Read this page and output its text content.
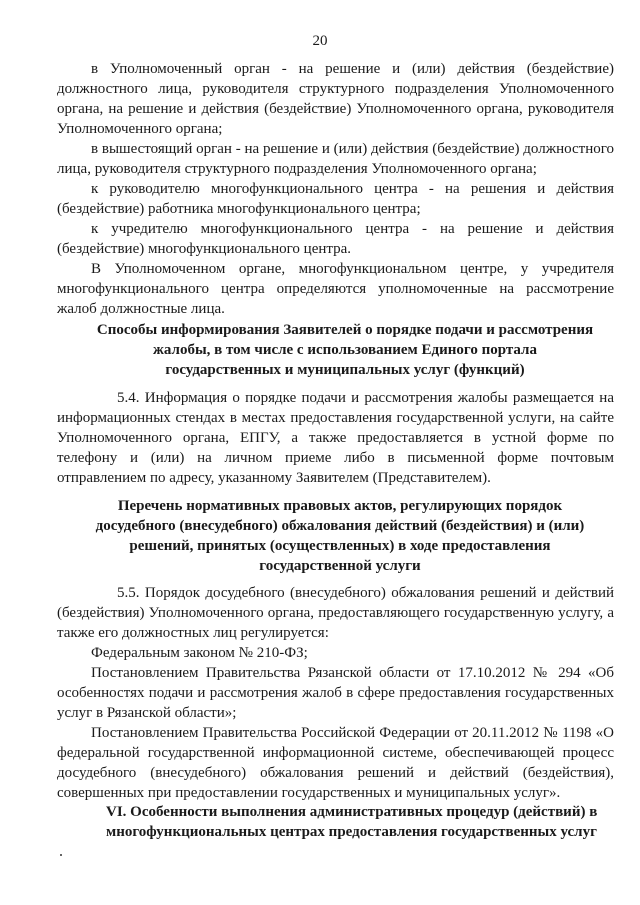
20

в Уполномоченный орган - на решение и (или) действия (бездействие) должностного лица, руководителя структурного подразделения Уполномоченного органа, на решение и действия (бездействие) Уполномоченного органа, руководителя Уполномоченного органа;

в вышестоящий орган - на решение и (или) действия (бездействие) должностного лица, руководителя структурного подразделения Уполномоченного органа;

к руководителю многофункционального центра - на решения и действия (бездействие) работника многофункционального центра;

к учредителю многофункционального центра - на решение и действия (бездействие) многофункционального центра.

В Уполномоченном органе, многофункциональном центре, у учредителя многофункционального центра определяются уполномоченные на рассмотрение жалоб должностные лица.

Способы информирования Заявителей о порядке подачи и рассмотрения жалобы, в том числе с использованием Единого портала государственных и муниципальных услуг (функций)

5.4. Информация о порядке подачи и рассмотрения жалобы размещается на информационных стендах в местах предоставления государственной услуги, на сайте Уполномоченного органа, ЕПГУ, а также предоставляется в устной форме по телефону и (или) на личном приеме либо в письменной форме почтовым отправлением по адресу, указанному Заявителем (Представителем).

Перечень нормативных правовых актов, регулирующих порядок досудебного (внесудебного) обжалования действий (бездействия) и (или) решений, принятых (осуществленных) в ходе предоставления государственной услуги

5.5. Порядок досудебного (внесудебного) обжалования решений и действий (бездействия) Уполномоченного органа, предоставляющего государственную услугу, а также его должностных лиц регулируется:

Федеральным законом № 210-ФЗ;

Постановлением Правительства Рязанской области от 17.10.2012 № 294 «Об особенностях подачи и рассмотрения жалоб в сфере предоставления государственных услуг в Рязанской области»;

Постановлением Правительства Российской Федерации от 20.11.2012 № 1198 «О федеральной государственной информационной системе, обеспечивающей процесс досудебного (внесудебного) обжалования решений и действий (бездействия), совершенных при предоставлении государственных и муниципальных услуг».

VI. Особенности выполнения административных процедур (действий) в

многофункциональных центрах предоставления государственных услуг
